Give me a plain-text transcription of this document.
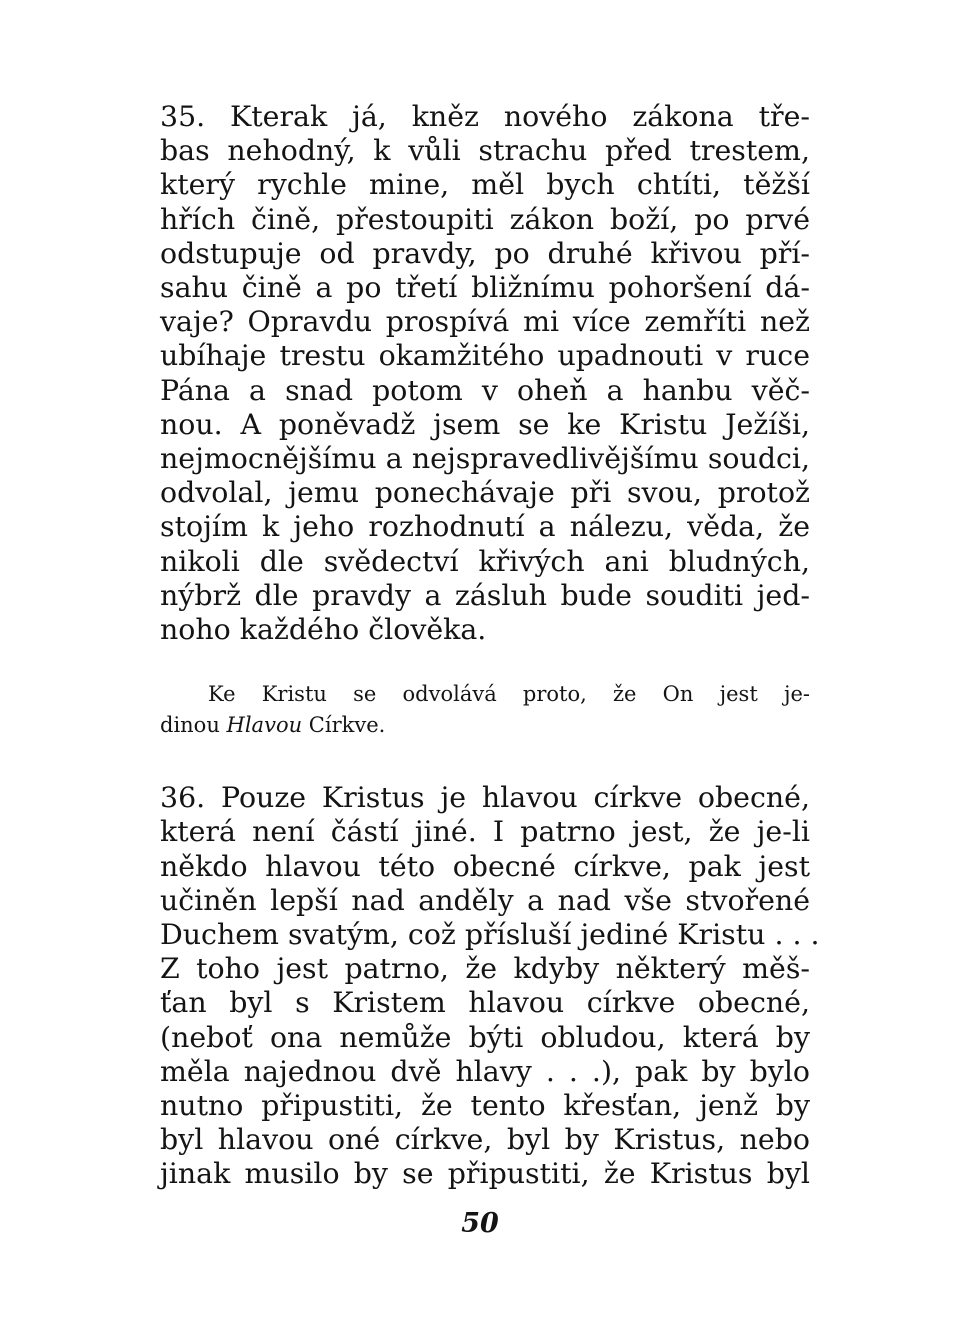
35. Kterak já, kněz nového zákona tře-
bas nehodný, k vůli strachu před trestem,
který rychle mine, měl bych chtíti, těžší
hřích čině, přestoupiti zákon boží, po prvé
odstupuje od pravdy, po druhé křivou pří-
sahu čině a po třetí bližnímu pohoršení dá-
vaje? Opravdu prospívá mi více zemříti než
ubíhaje trestu okamžitého upadnouti v ruce
Pána a snad potom v oheň a hanbu věč-
nou. A poněvadž jsem se ke Kristu Ježíši,
nejmocnějšímu a nejspravedlivějšímu soudci,
odvolal, jemu ponechávaje při svou, protož
stojím k jeho rozhodnutí a nálezu, věda, že
nikoli dle svědectví křivých ani bludných,
nýbrž dle pravdy a zásluh bude souditi jed-
noho každého člověka.
Ke Kristu se odvolává proto, že On jest je-
dinou Hlavou Církve.
36. Pouze Kristus je hlavou církve obecné,
která není částí jiné. I patrno jest, že je-li
někdo hlavou této obecné církve, pak jest
učiněn lepší nad anděly a nad vše stvořené
Duchem svatým, což přísluší jediné Kristu . . .
Z toho jest patrno, že kdyby některý měš-
ťan byl s Kristem hlavou církve obecné,
(neboť ona nemůže býti obludou, která by
měla najednou dvě hlavy . . .), pak by bylo
nutno připustiti, že tento křesťan, jenž by
byl hlavou oné církve, byl by Kristus, nebo
jinak musilo by se připustiti, že Kristus byl
50
